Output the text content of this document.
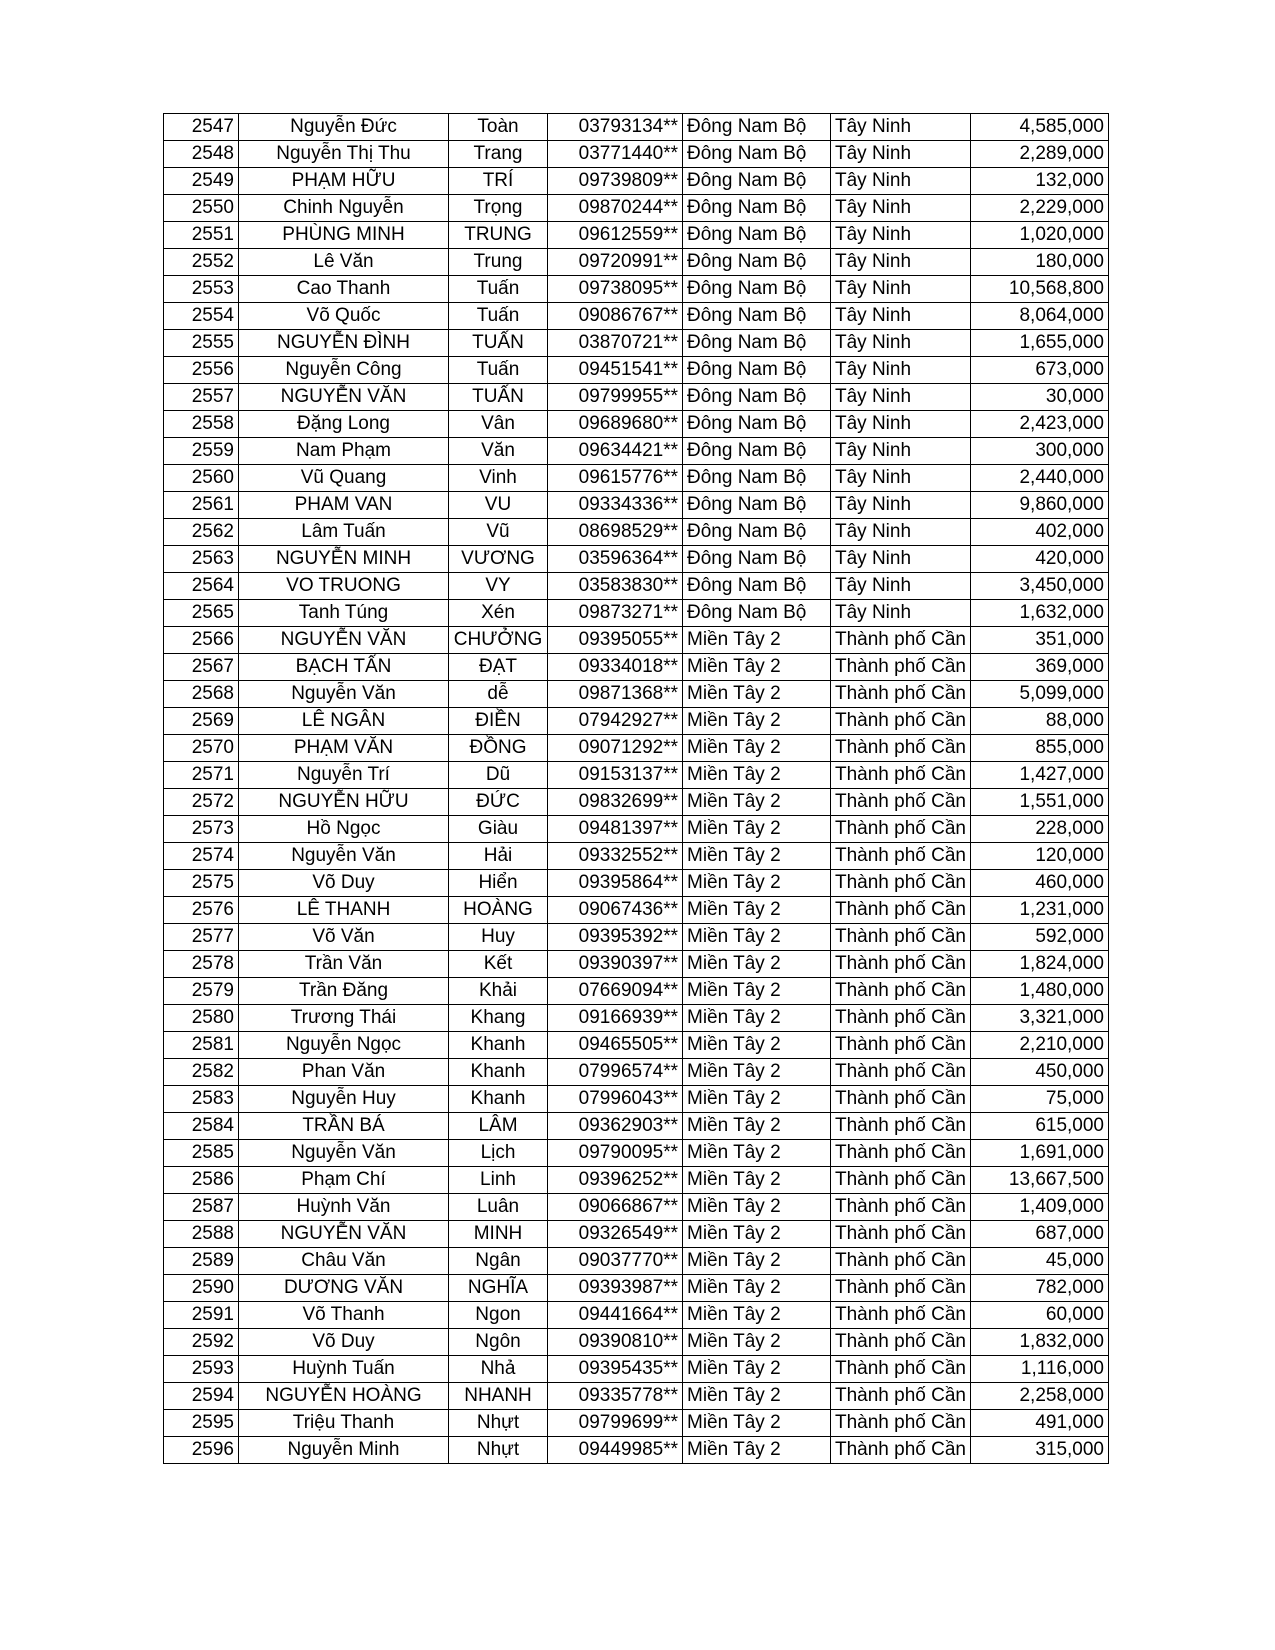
2547	Nguyễn Đức	Toàn	03793134**	Đông Nam Bộ	Tây Ninh	4,585,000
2548	Nguyễn Thị Thu	Trang	03771440**	Đông Nam Bộ	Tây Ninh	2,289,000
2549	PHẠM HỮU	TRÍ	09739809**	Đông Nam Bộ	Tây Ninh	132,000
2550	Chinh Nguyễn	Trọng	09870244**	Đông Nam Bộ	Tây Ninh	2,229,000
2551	PHÙNG MINH	TRUNG	09612559**	Đông Nam Bộ	Tây Ninh	1,020,000
2552	Lê Văn	Trung	09720991**	Đông Nam Bộ	Tây Ninh	180,000
2553	Cao Thanh	Tuấn	09738095**	Đông Nam Bộ	Tây Ninh	10,568,800
2554	Võ Quốc	Tuấn	09086767**	Đông Nam Bộ	Tây Ninh	8,064,000
2555	NGUYỄN ĐÌNH	TUẤN	03870721**	Đông Nam Bộ	Tây Ninh	1,655,000
2556	Nguyễn Công	Tuấn	09451541**	Đông Nam Bộ	Tây Ninh	673,000
2557	NGUYỄN VĂN	TUẤN	09799955**	Đông Nam Bộ	Tây Ninh	30,000
2558	Đặng Long	Vân	09689680**	Đông Nam Bộ	Tây Ninh	2,423,000
2559	Nam Phạm	Văn	09634421**	Đông Nam Bộ	Tây Ninh	300,000
2560	Vũ Quang	Vinh	09615776**	Đông Nam Bộ	Tây Ninh	2,440,000
2561	PHAM VAN	VU	09334336**	Đông Nam Bộ	Tây Ninh	9,860,000
2562	Lâm Tuấn	Vũ	08698529**	Đông Nam Bộ	Tây Ninh	402,000
2563	NGUYỄN MINH	VƯƠNG	03596364**	Đông Nam Bộ	Tây Ninh	420,000
2564	VO TRUONG	VY	03583830**	Đông Nam Bộ	Tây Ninh	3,450,000
2565	Tanh Túng	Xén	09873271**	Đông Nam Bộ	Tây Ninh	1,632,000
2566	NGUYỄN VĂN	CHƯỞNG	09395055**	Miền Tây 2	Thành phố Cần	351,000
2567	BẠCH TẤN	ĐẠT	09334018**	Miền Tây 2	Thành phố Cần	369,000
2568	Nguyễn Văn	dễ	09871368**	Miền Tây 2	Thành phố Cần	5,099,000
2569	LÊ NGÂN	ĐIỀN	07942927**	Miền Tây 2	Thành phố Cần	88,000
2570	PHẠM VĂN	ĐỒNG	09071292**	Miền Tây 2	Thành phố Cần	855,000
2571	Nguyễn Trí	Dũ	09153137**	Miền Tây 2	Thành phố Cần	1,427,000
2572	NGUYỄN HỮU	ĐỨC	09832699**	Miền Tây 2	Thành phố Cần	1,551,000
2573	Hồ Ngọc	Giàu	09481397**	Miền Tây 2	Thành phố Cần	228,000
2574	Nguyễn Văn	Hải	09332552**	Miền Tây 2	Thành phố Cần	120,000
2575	Võ Duy	Hiển	09395864**	Miền Tây 2	Thành phố Cần	460,000
2576	LÊ THANH	HOÀNG	09067436**	Miền Tây 2	Thành phố Cần	1,231,000
2577	Võ Văn	Huy	09395392**	Miền Tây 2	Thành phố Cần	592,000
2578	Trần Văn	Kết	09390397**	Miền Tây 2	Thành phố Cần	1,824,000
2579	Trần Đăng	Khải	07669094**	Miền Tây 2	Thành phố Cần	1,480,000
2580	Trương Thái	Khang	09166939**	Miền Tây 2	Thành phố Cần	3,321,000
2581	Nguyễn Ngọc	Khanh	09465505**	Miền Tây 2	Thành phố Cần	2,210,000
2582	Phan Văn	Khanh	07996574**	Miền Tây 2	Thành phố Cần	450,000
2583	Nguyễn Huy	Khanh	07996043**	Miền Tây 2	Thành phố Cần	75,000
2584	TRẦN BÁ	LÂM	09362903**	Miền Tây 2	Thành phố Cần	615,000
2585	Nguyễn Văn	Lịch	09790095**	Miền Tây 2	Thành phố Cần	1,691,000
2586	Phạm Chí	Linh	09396252**	Miền Tây 2	Thành phố Cần	13,667,500
2587	Huỳnh Văn	Luân	09066867**	Miền Tây 2	Thành phố Cần	1,409,000
2588	NGUYỄN VĂN	MINH	09326549**	Miền Tây 2	Thành phố Cần	687,000
2589	Châu Văn	Ngân	09037770**	Miền Tây 2	Thành phố Cần	45,000
2590	DƯƠNG VĂN	NGHĨA	09393987**	Miền Tây 2	Thành phố Cần	782,000
2591	Võ Thanh	Ngon	09441664**	Miền Tây 2	Thành phố Cần	60,000
2592	Võ Duy	Ngôn	09390810**	Miền Tây 2	Thành phố Cần	1,832,000
2593	Huỳnh Tuấn	Nhả	09395435**	Miền Tây 2	Thành phố Cần	1,116,000
2594	NGUYỄN HOÀNG	NHANH	09335778**	Miền Tây 2	Thành phố Cần	2,258,000
2595	Triệu Thanh	Nhựt	09799699**	Miền Tây 2	Thành phố Cần	491,000
2596	Nguyễn Minh	Nhựt	09449985**	Miền Tây 2	Thành phố Cần	315,000
